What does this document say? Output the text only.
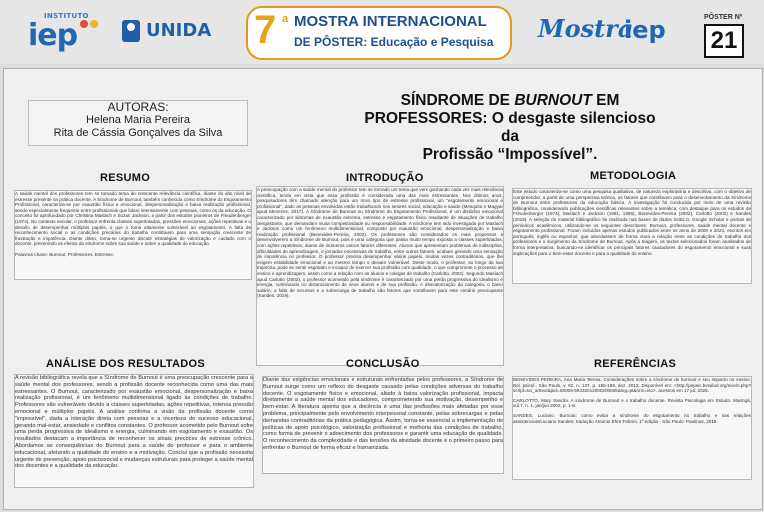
INSTITUTO
iep	UNIDA 7 a MOSTRA INTERNACIONAL
DE PÔSTER: Educação e Pesquisa Mostra
iep	PÔSTER Nº
21
AUTORAS:
Helena Maria Pereira
Rita de Cássia Gonçalves da Silva
SÍNDROME DE BURNOUT EM
PROFESSORES: O desgaste silencioso da
Profissão “Impossível”.
RESUMO

A saúde mental dos professores tem se tornado tema de crescente relevância científica, diante do alto nível de estresse presente na prática docente. A Síndrome de Burnout, também conhecida como Síndrome do Esgotamento Profissional, caracteriza-se por exaustão física e emocional, despersonalização e baixa realização profissional, sendo especialmente frequente entre profissionais que lidam intensamente com pessoas, como os da educação. O conceito foi aprofundado por Christina Maslach e Suzan Jackson, a partir dos estudos pioneiros de Freudenberger (1974). No contexto escolar, o professor enfrenta classes superlotadas, pressões emocionais, ações repetitivas e o desafio de desempenhar múltiplos papéis, o que o torna altamente vulnerável ao esgotamento. A falta de reconhecimento social e as condições precárias do trabalho contribuem para uma sensação crescente de frustração e impotência. Diante disso, torna-se urgente discutir estratégias de valorização e cuidado com o docente, prevenindo os efeitos da síndrome sobre sua saúde e sobre a qualidade da educação.

Palavras-chave: Burnout, Professores, Estresse.

INTRODUÇÃO

A preocupação com a saúde mental do professor tem se tornado um tema que vem ganhando cada vez mais relevância científica, tendo em vista que essa profissão é considerada uma das mais estressantes. Nos últimos anos, pesquisadores têm chamado atenção para um novo tipo de estresse profissional, um “esgotamento emocional e profissional”, dado as pessoas envolvidas estão trabalhando nos setores social, educação e saúde (Mesquita e Magyar apud Menezes, 2017). A Síndrome de Burnout ou Síndrome do Esgotamento Profissional, é um distúrbio emocional caracterizado por sintomas de exaustão extrema, estresse e esgotamento físico resultante de situações de trabalho desgastante, que demandam muita competitividade ou responsabilidade. A síndrome tem sido investigada por Maslach e Jackson como um fenômeno multidimensional, composto por exaustão emocional, despersonalização e baixa realização profissional (Benevides-Pereira, 2002). Os professores são considerados os mais propensos a desenvolverem a Síndrome de Burnout, pois é uma categoria que passa muito tempo exposta a classes superlotadas, com ações repetitivas, diante de inúmeros outros fatores diferentes. Alunos que apresentam problemas de indisciplina, dificuldades de aprendizagem, e jornadas excessivas de trabalho, entre outros fatores, acabam gerando uma sensação de impotência no professor. O professor precisa desempenhar vários papéis, muitas vezes contraditórios, que lhe exigem estabilidade emocional e ao mesmo tempo o deixam vulnerável. Deste modo, o professor, ao longo da sua trajetória, pode se sentir esgotado e incapaz de exercer sua profissão com qualidade, o que compromete o processo de ensino e aprendizagem, assim como a relação com os alunos e colegas de trabalho (Carlotto, 2002). Segundo Maslach apud Carlotto (2002), o professor acometido pela síndrome é caracterizado por uma perda progressiva do idealismo e energia, culminando no distanciamento de seus alunos e de sua profissão. A desvalorização da categoria, o baixo salário, a falta de recursos e a sobrecarga de trabalho são fatores que contribuem para este cenário preocupante (Sandes, 2019).

METODOLOGIA

Este estudo caracteriza-se como uma pesquisa qualitativa, de natureza exploratória e descritiva, com o objetivo de compreender, a partir de uma perspectiva teórica, os fatores que contribuem para o desenvolvimento da Síndrome de Burnout entre professores da educação básica. A investigação foi conduzida por meio de uma revisão bibliográfica, considerando publicações científicas relevantes sobre a temática, com destaque para os estudos de Freudenberger (1974), Maslach e Jackson (1981, 1986), Benevides-Pereira (2002), Carlotto (2002) e Sandes (2019). A seleção do material bibliográfico foi realizada nas bases de dados SciELO, Google Scholar e portais de periódicos acadêmicos, utilizando-se os seguintes descritores: Burnout, professores, saúde mental docente e esgotamento profissional. Foram incluídos apenas estudos publicados entre os anos de 2000 e 2024, escritos em português, inglês ou espanhol, que abordassem de forma clara a relação entre as condições de trabalho dos professores e o surgimento da Síndrome de Burnout. Após a triagem, os textos selecionados foram analisados de forma interpretativa, buscando-se identificar os principais fatores causadores do esgotamento emocional e suas implicações para o bem-estar docente e para a qualidade do ensino.

ANÁLISE DOS RESULTADOS

A revisão bibliográfica revela que a Síndrome de Burnout é uma preocupação crescente para a saúde mental dos professores, sendo a profissão docente reconhecida como uma das mais estressantes. O Burnout, caracterizado por exaustão emocional, despersonalização e baixa realização profissional, é um fenômeno multidimensional ligado às condições de trabalho. Professores são vulneráveis devido a classes superlotadas, ações repetitivas, intensa pressão emocional e múltiplos papéis. A análise confirma a visão da profissão docente como “impossível”, dada a interação direta com pessoas e a incerteza do sucesso educacional, gerando mal-estar, ansiedade e conflitos constantes. O professor acometido pelo Burnout sofre uma perda progressiva de idealismo e energia, culminando em esgotamento e exaustão. Os resultados destacam a importância de reconhecer os sinais precoces de estresse crônico. Abordamos as consequências do Burnout para a saúde do professor e para o ambiente educacional, afetando a qualidade do ensino e a motivação. Conclui que a profissão necessita urgente de prevenção, apoio psicossocial e mudanças estruturais para proteger a saúde mental dos docentes e a qualidade da educação.

CONCLUSÃO

Diante das exigências emocionais e estruturais enfrentadas pelos professores, a Síndrome de Burnout surge como um reflexo do desgaste causado pelas condições adversas do trabalho docente. O esgotamento físico e emocional, aliado à baixa valorização profissional, impacta diretamente a saúde mental dos educadores, comprometendo sua motivação, desempenho e bem-estar. A literatura aponta que a docência é uma das profissões mais afetadas por esse problema, principalmente pelo envolvimento interpessoal constante, pelas sobrecargas e pelas demandas contraditórias da prática pedagógica. Assim, torna-se essencial a implementação de políticas de apoio psicológico, valorização profissional e melhoria das condições de trabalho, como forma de prevenir o adoecimento dos professores e garantir uma educação de qualidade. O reconhecimento da complexidade e das tensões da atividade docente é o primeiro passo para enfrentar o Burnout de forma eficaz e humanizada.

REFERÊNCIAS

BENEVIDES-PEREIRA, Ana Maria Teresa. Considerações sobre a síndrome de burnout e seu impacto no ensino. Bol. psicol., São Paulo, v. 62, n. 137, p. 155-168, dez. 2012. Disponível em: <http://pepsic.bvsalud.org/scielo.php?script=sci_arttext&pid=S0006-59432012000200005&lng=pt&nrm=iso>. acessos em 17 jul. 2025.

CARLOTTO, Mary Sandra. A síndrome de Burnout e o trabalho docente. Revista Psicologia em Estudo. Maringá, vol.7, n. 1, jan/jun 2002, p. 1-8.

SANDES, Luciano. Burnout: como evitar a síndrome do esgotamento no trabalho e nas relações assistenciais/Luciano Sandes; tradução Antonio Ehre Febrini. 1ª edição - São Paulo: Paulinas, 2019.
